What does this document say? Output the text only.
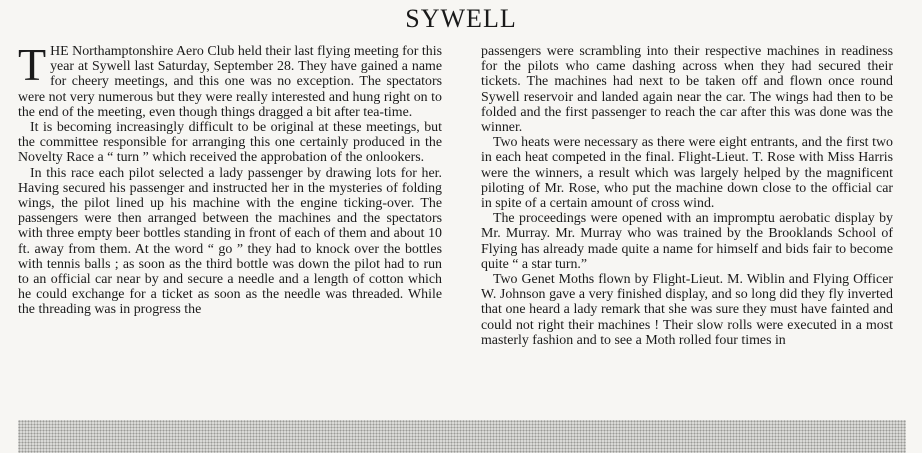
SYWELL

THE Northamptonshire Aero Club held their last flying meeting for this year at Sywell last Saturday, September 28. They have gained a name for cheery meetings, and this one was no exception. The spectators were not very numerous but they were really interested and hung right on to the end of the meeting, even though things dragged a bit after tea-time.

It is becoming increasingly difficult to be original at these meetings, but the committee responsible for arranging this one certainly produced in the Novelty Race a “ turn ” which received the approbation of the onlookers.

In this race each pilot selected a lady passenger by drawing lots for her. Having secured his passenger and instructed her in the mysteries of folding wings, the pilot lined up his machine with the engine ticking-over. The passengers were then arranged between the machines and the spectators with three empty beer bottles standing in front of each of them and about 10 ft. away from them. At the word “ go ” they had to knock over the bottles with tennis balls ; as soon as the third bottle was down the pilot had to run to an official car near by and secure a needle and a length of cotton which he could exchange for a ticket as soon as the needle was threaded. While the threading was in progress the

passengers were scrambling into their respective machines in readiness for the pilots who came dashing across when they had secured their tickets. The machines had next to be taken off and flown once round Sywell reservoir and landed again near the car. The wings had then to be folded and the first passenger to reach the car after this was done was the winner.

Two heats were necessary as there were eight entrants, and the first two in each heat competed in the final. Flight-Lieut. T. Rose with Miss Harris were the winners, a result which was largely helped by the magnificent piloting of Mr. Rose, who put the machine down close to the official car in spite of a certain amount of cross wind.

The proceedings were opened with an impromptu aerobatic display by Mr. Murray. Mr. Murray who was trained by the Brooklands School of Flying has already made quite a name for himself and bids fair to become quite “ a star turn.”

Two Genet Moths flown by Flight-Lieut. M. Wiblin and Flying Officer W. Johnson gave a very finished display, and so long did they fly inverted that one heard a lady remark that she was sure they must have fainted and could not right their machines ! Their slow rolls were executed in a most masterly fashion and to see a Moth rolled four times in
